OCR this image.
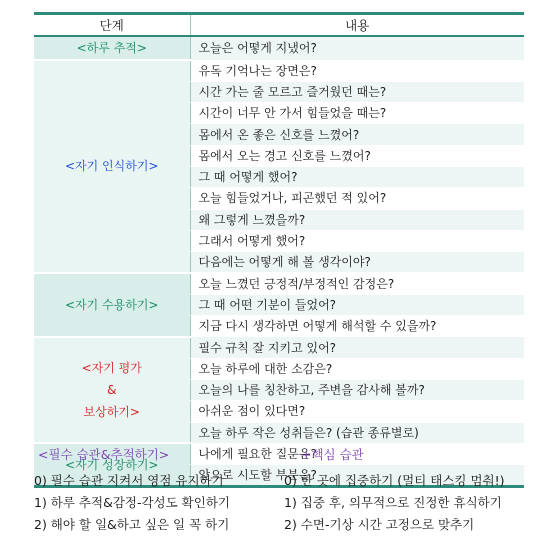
단계	내용
<하루 추적>	오늘은 어떻게 지냈어?
<자기 인식하기>	유독 기억나는 장면은?
	시간 가는 줄 모르고 즐거웠던 때는?
	시간이 너무 안 가서 힘들었을 때는?
	몸에서 온 좋은 신호를 느꼈어?
	몸에서 오는 경고 신호를 느꼈어?
	그 때 어떻게 했어?
	오늘 힘들었거나, 피곤했던 적 있어?
	왜 그렇게 느꼈을까?
	그래서 어떻게 했어?
	다음에는 어떻게 해 볼 생각이야?
<자기 수용하기>	오늘 느꼈던 긍정적/부정적인 감정은?
	그 때 어떤 기분이 들었어?
	지금 다시 생각하면 어떻게 해석할 수 있을까?

<자기 평가
&
보상하기>	필수 규칙 잘 지키고 있어?
	오늘 하루에 대한 소감은?
	오늘의 나를 칭찬하고, 주변을 감사해 볼까?
	아쉬운 점이 있다면?
	오늘 하루 작은 성취들은? (습관 종류별로)
<자기 성장하기>	나에게 필요한 질문은?
	앞으로 시도할 부분은?
<필수 습관&추적하기>	+핵심 습관
0) 필수 습관 지켜서 영점 유지하기	0) 한 곳에 집중하기 (멀티 태스킹 멈춰!)
1) 하루 추적&감정-각성도 확인하기	1) 집중 후, 의무적으로 진정한 휴식하기
2) 해야 할 일&하고 싶은 일 꼭 하기	2) 수면-기상 시간 고정으로 맞추기
